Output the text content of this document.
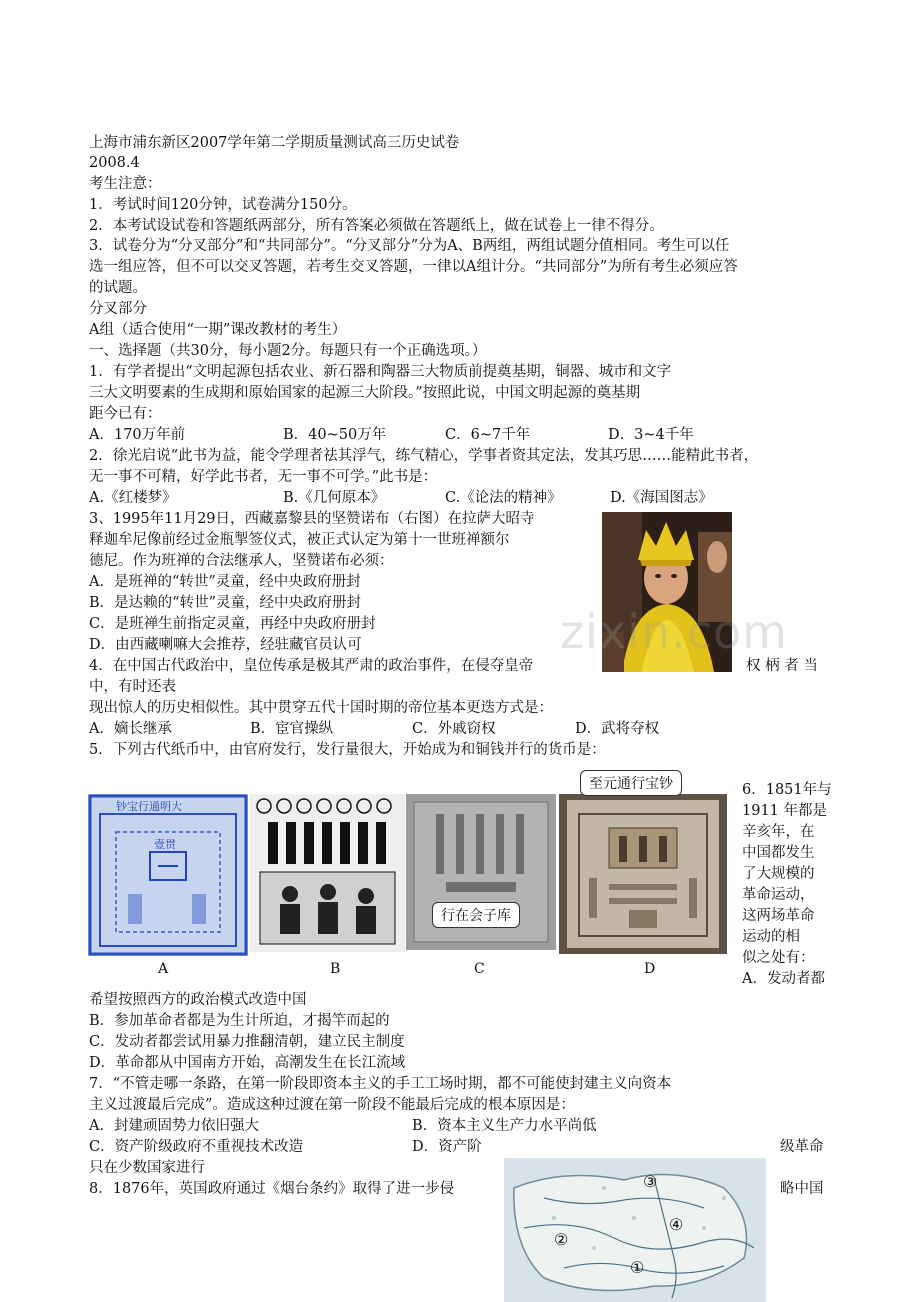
上海市浦东新区2007学年第二学期质量测试高三历史试卷
2008.4
考生注意：
1．考试时间120分钟，试卷满分150分。
2．本考试设试卷和答题纸两部分，所有答案必须做在答题纸上，做在试卷上一律不得分。
3．试卷分为“分叉部分”和“共同部分”。“分叉部分”分为A、B两组，两组试题分值相同。考生可以任
选一组应答，但不可以交叉答题，若考生交叉答题，一律以A组计分。“共同部分”为所有考生必须应答
的试题。
分叉部分
A组（适合使用“一期”课改教材的考生）
一、选择题（共30分，每小题2分。每题只有一个正确选项。）
1．有学者提出“文明起源包括农业、新石器和陶器三大物质前提奠基期，铜器、城市和文字
三大文明要素的生成期和原始国家的起源三大阶段。”按照此说，中国文明起源的奠基期
距今已有：
A．170万年前	B．40~50万年	C．6~7千年	D．3~4千年
2．徐光启说“此书为益，能令学理者祛其浮气，练气精心，学事者资其定法，发其巧思……能精此书者，
无一事不可精，好学此书者，无一事不可学。”此书是：
A.《红楼梦》	B.《几何原本》	C.《论法的精神》	D.《海国图志》
3、1995年11月29日，西藏嘉黎县的坚赞诺布（右图）在拉萨大昭寺
释迦牟尼像前经过金瓶掣签仪式，被正式认定为第十一世班禅额尔
德尼。作为班禅的合法继承人，坚赞诺布必须：
A．是班禅的“转世”灵童，经中央政府册封
B．是达赖的“转世”灵童，经中央政府册封
C．是班禅生前指定灵童，再经中央政府册封
D．由西藏喇嘛大会推荐，经驻藏官员认可	zixin.com
4．在中国古代政治中，皇位传承是极其严肃的政治事件，在侵夺皇帝	权 柄 者 当
中，有时还表
现出惊人的历史相似性。其中贯穿五代十国时期的帝位基本更迭方式是：
A．嫡长继承	B．宦官操纵	C．外戚窃权	D．武将夺权
5．下列古代纸币中，由官府发行，发行量很大，开始成为和铜钱并行的货币是：
钞宝行通明大
壹贯
行在会子库
至元通行宝钞
A	B	C	D
6．1851年与
1911 年都是
辛亥年，在
中国都发生
了大规模的
革命运动，
这两场革命
运动的相
似之处有：
A．发动者都
希望按照西方的政治模式改造中国
B．参加革命者都是为生计所迫，才揭竿而起的
C．发动者都尝试用暴力推翻清朝，建立民主制度
D．革命都从中国南方开始，高潮发生在长江流域
7．“不管走哪一条路，在第一阶段即资本主义的手工工场时期，都不可能使封建主义向资本
主义过渡最后完成”。造成这种过渡在第一阶段不能最后完成的根本原因是：
A．封建顽固势力依旧强大	B．资本主义生产力水平尚低
C．资产阶级政府不重视技术改造	D．资产阶	级革命
只在少数国家进行
8．1876年，英国政府通过《烟台条约》取得了进一步侵	略中国
③
②
④
①
